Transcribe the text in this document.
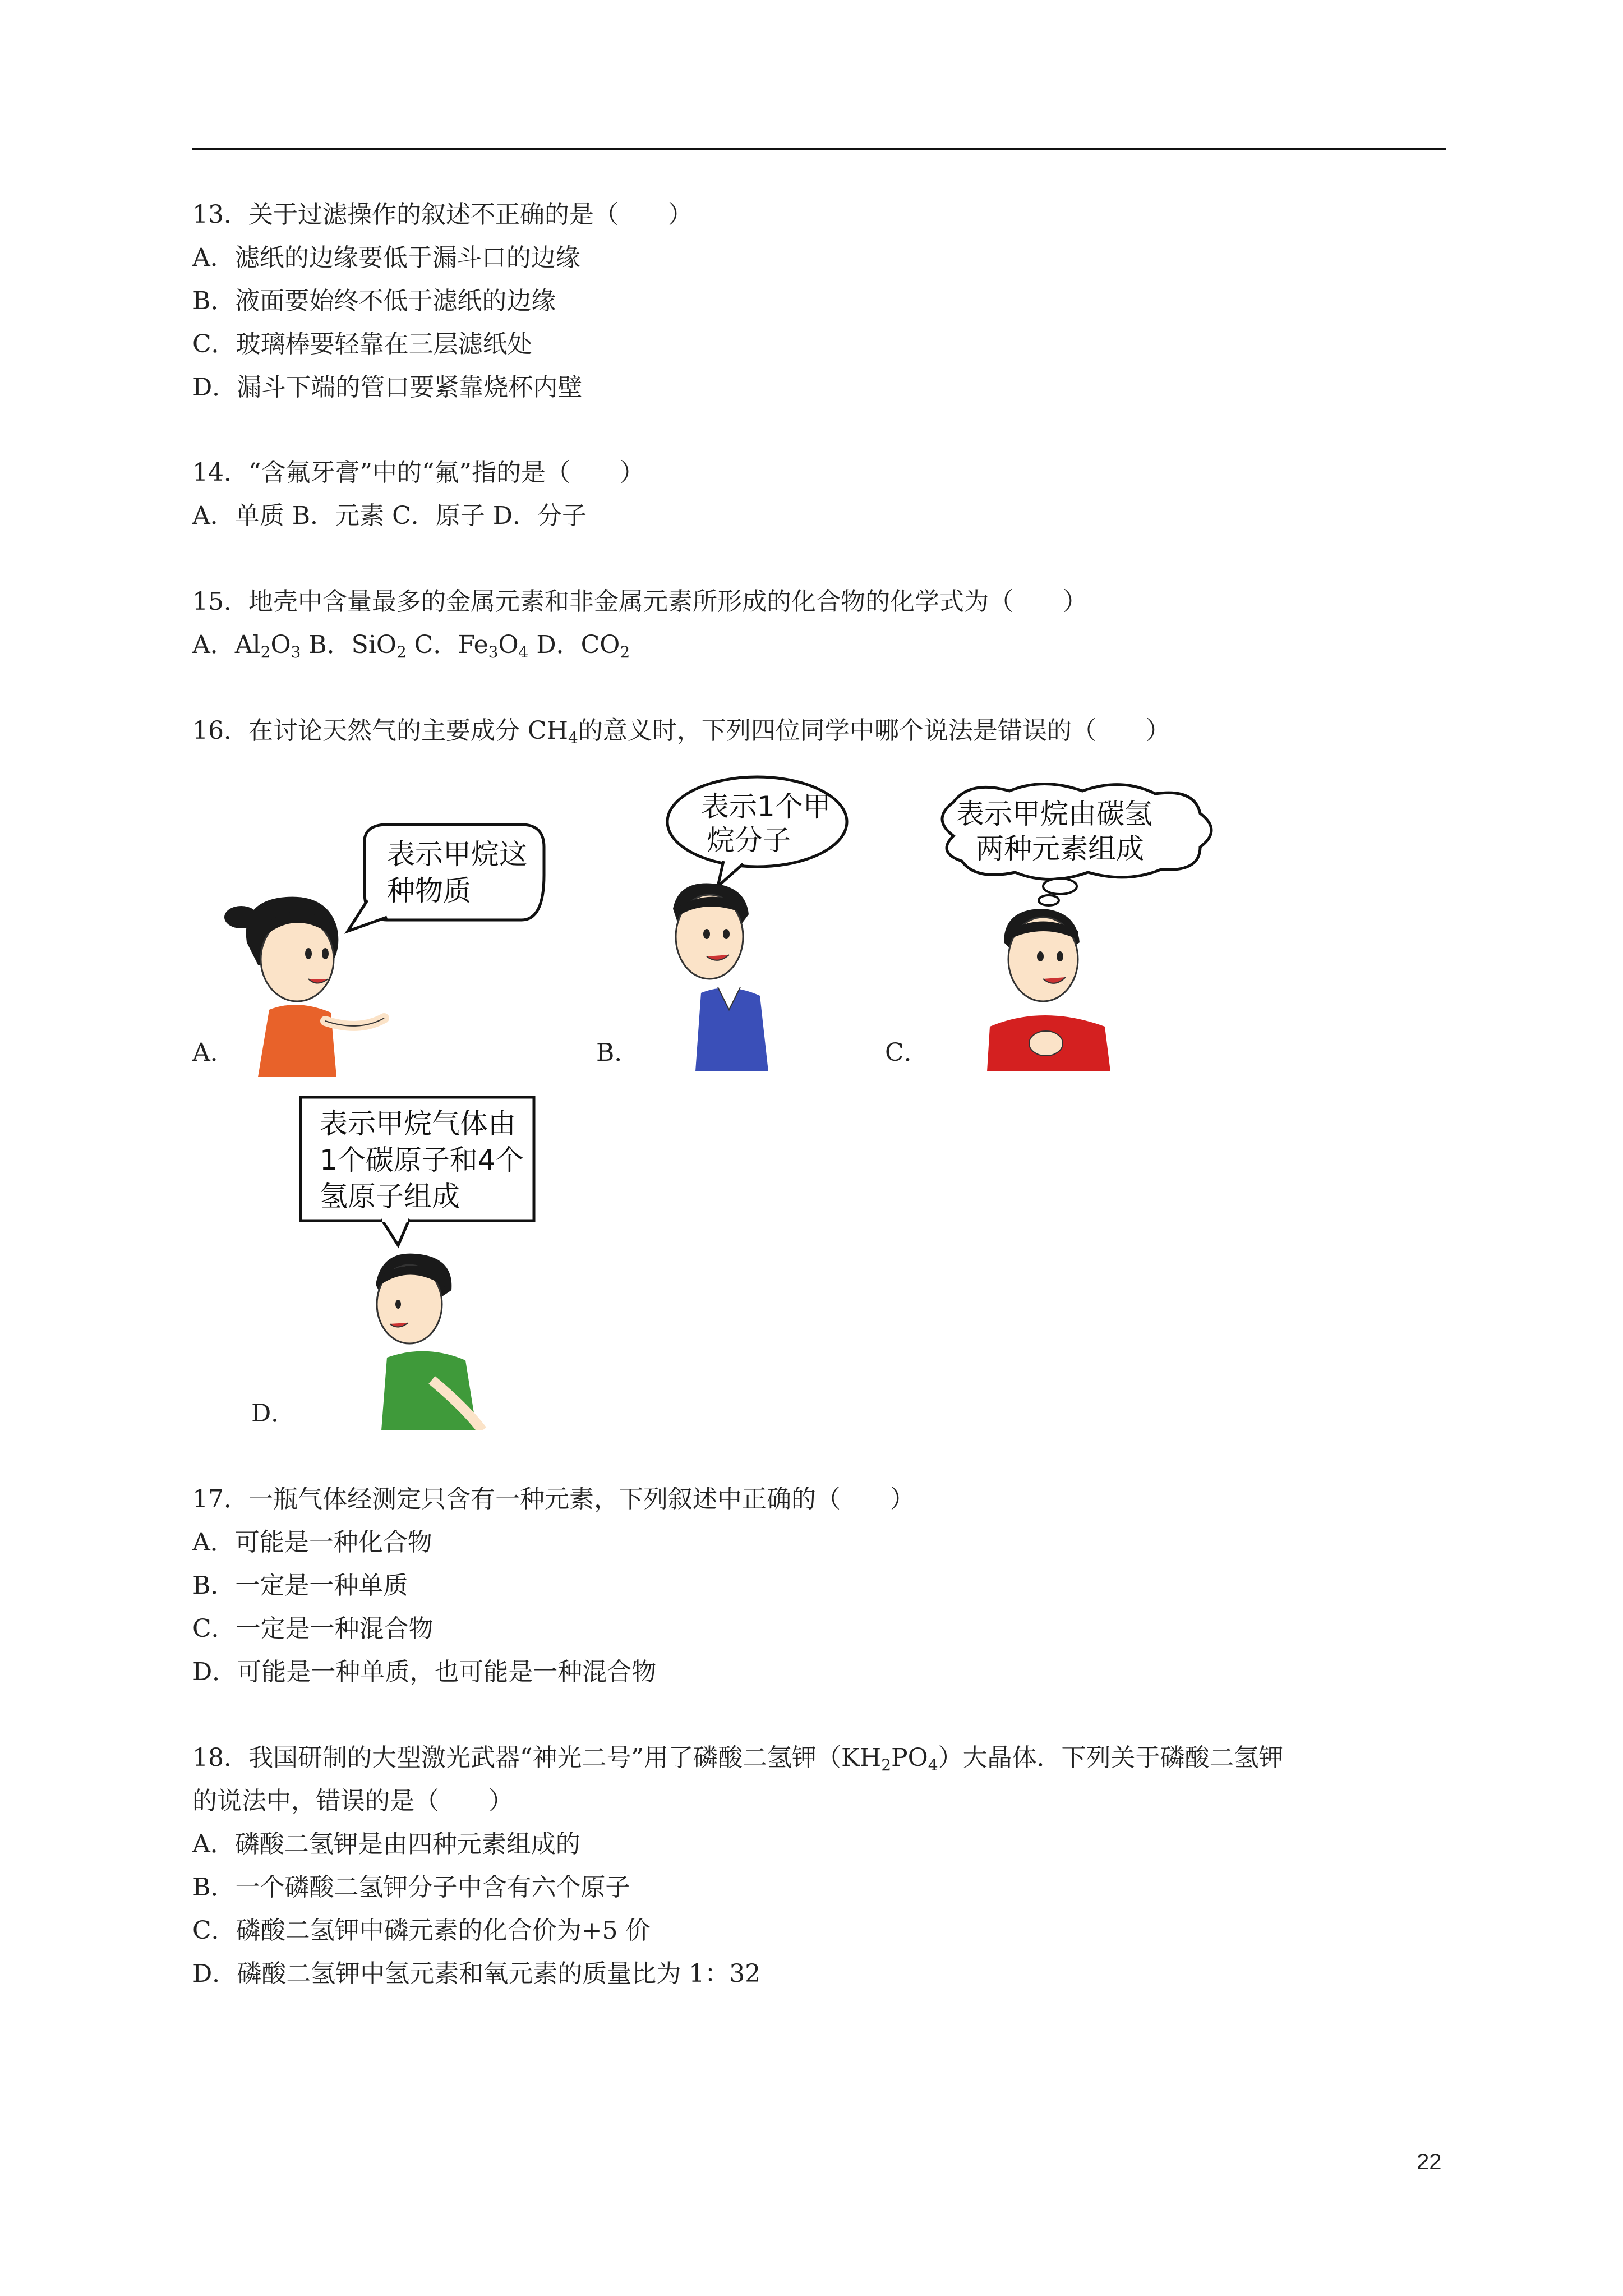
13．关于过滤操作的叙述不正确的是（　　）
A．滤纸的边缘要低于漏斗口的边缘
B．液面要始终不低于滤纸的边缘
C．玻璃棒要轻靠在三层滤纸处
D．漏斗下端的管口要紧靠烧杯内壁
14．“含氟牙膏”中的“氟”指的是（　　）
A．单质 B．元素 C．原子 D．分子
15．地壳中含量最多的金属元素和非金属元素所形成的化合物的化学式为（　　）
A．$Al_2O_3$ B．SiO$_2$ C．$Fe_3O_4$ D．$CO_2$
16．在讨论天然气的主要成分 $CH_4$的意义时，下列四位同学中哪个说法是错误的（　　）
表示甲烷这
种物质
A．
表示1个甲
烷分子
B．
表示甲烷由碳氢
两种元素组成
C．
表示甲烷气体由
1个碳原子和4个
氢原子组成
D．
17．一瓶气体经测定只含有一种元素，下列叙述中正确的（　　）
A．可能是一种化合物
B．一定是一种单质
C．一定是一种混合物
D．可能是一种单质，也可能是一种混合物
18．我国研制的大型激光武器“神光二号”用了磷酸二氢钾$(KH_2PO_4)$大晶体．下列关于磷酸二氢钾
的说法中，错误的是（　　）
A．磷酸二氢钾是由四种元素组成的
B．一个磷酸二氢钾分子中含有六个原子
C．磷酸二氢钾中磷元素的化合价为+5 价
D．磷酸二氢钾中氢元素和氧元素的质量比为 1：32
22
